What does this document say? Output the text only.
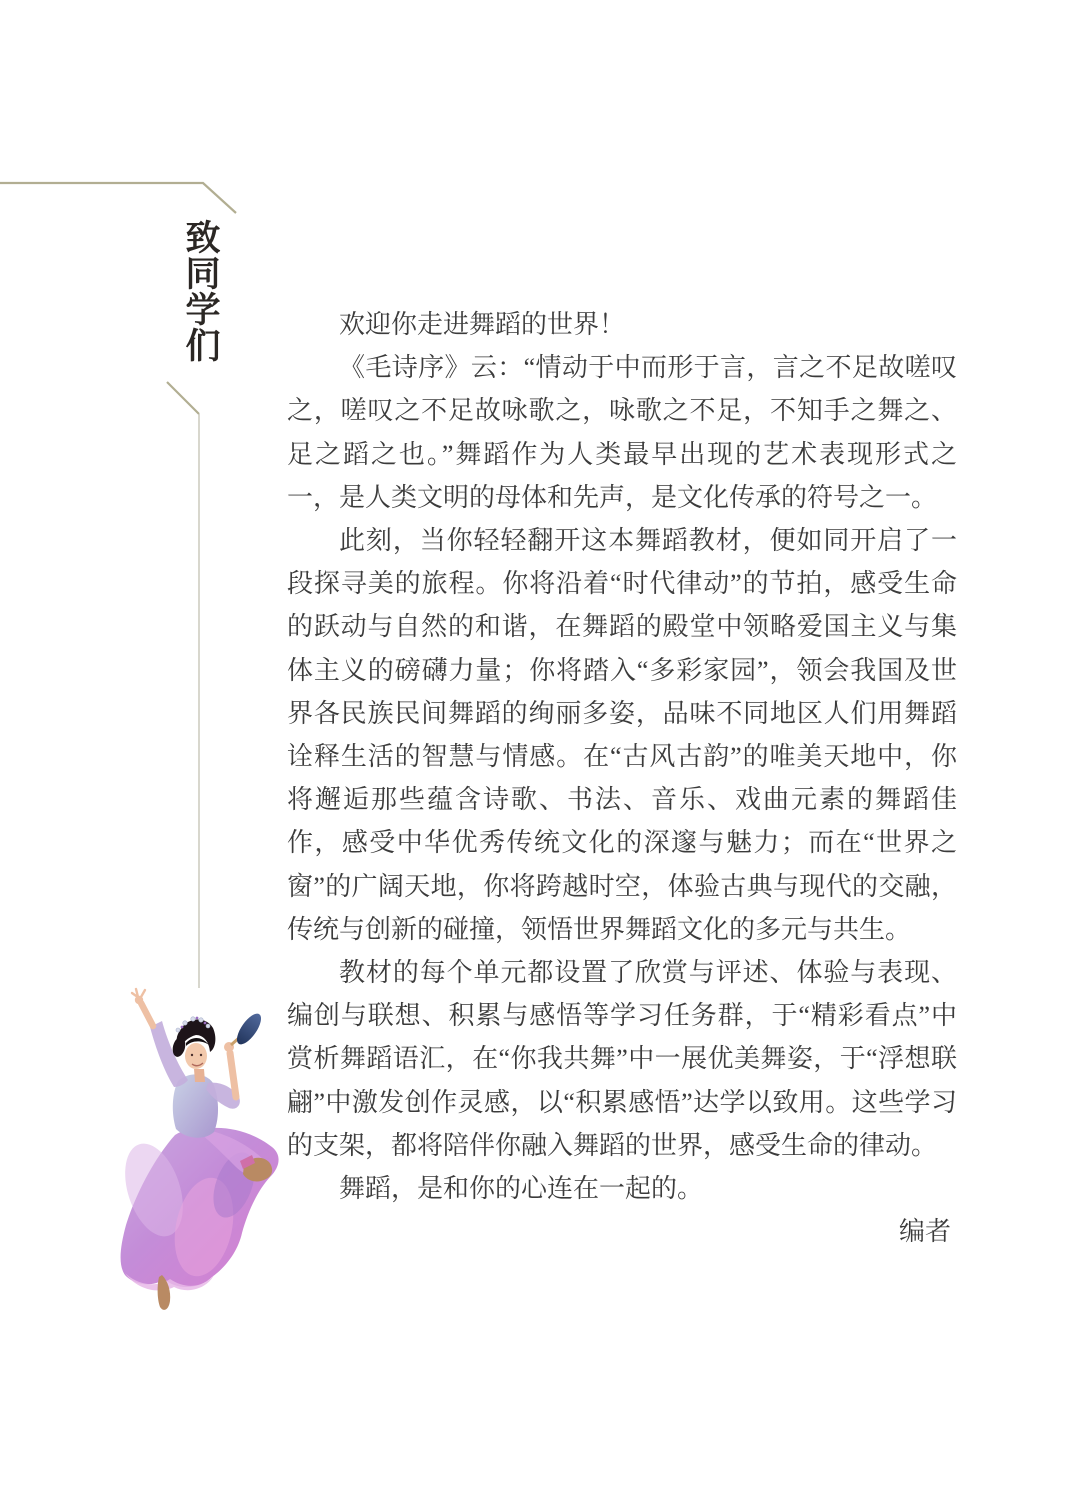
致同学们	欢迎你走进舞蹈的世界！

《毛诗序》云：“情动于中而形于言，言之不足故嗟叹之，嗟叹之不足故咏歌之，咏歌之不足，不知手之舞之、足之蹈之也。”舞蹈作为人类最早出现的艺术表现形式之一，是人类文明的母体和先声，是文化传承的符号之一。

此刻，当你轻轻翻开这本舞蹈教材，便如同开启了一段探寻美的旅程。你将沿着“时代律动”的节拍，感受生命的跃动与自然的和谐，在舞蹈的殿堂中领略爱国主义与集体主义的磅礴力量；你将踏入“多彩家园”，领会我国及世界各民族民间舞蹈的绚丽多姿，品味不同地区人们用舞蹈诠释生活的智慧与情感。在“古风古韵”的唯美天地中，你将邂逅那些蕴含诗歌、书法、音乐、戏曲元素的舞蹈佳作，感受中华优秀传统文化的深邃与魅力；而在“世界之窗”的广阔天地，你将跨越时空，体验古典与现代的交融，传统与创新的碰撞，领悟世界舞蹈文化的多元与共生。

教材的每个单元都设置了欣赏与评述、体验与表现、编创与联想、积累与感悟等学习任务群，于“精彩看点”中赏析舞蹈语汇，在“你我共舞”中一展优美舞姿，于“浮想联翩”中激发创作灵感，以“积累感悟”达学以致用。这些学习的支架，都将陪伴你融入舞蹈的世界，感受生命的律动。

舞蹈，是和你的心连在一起的。

编者
